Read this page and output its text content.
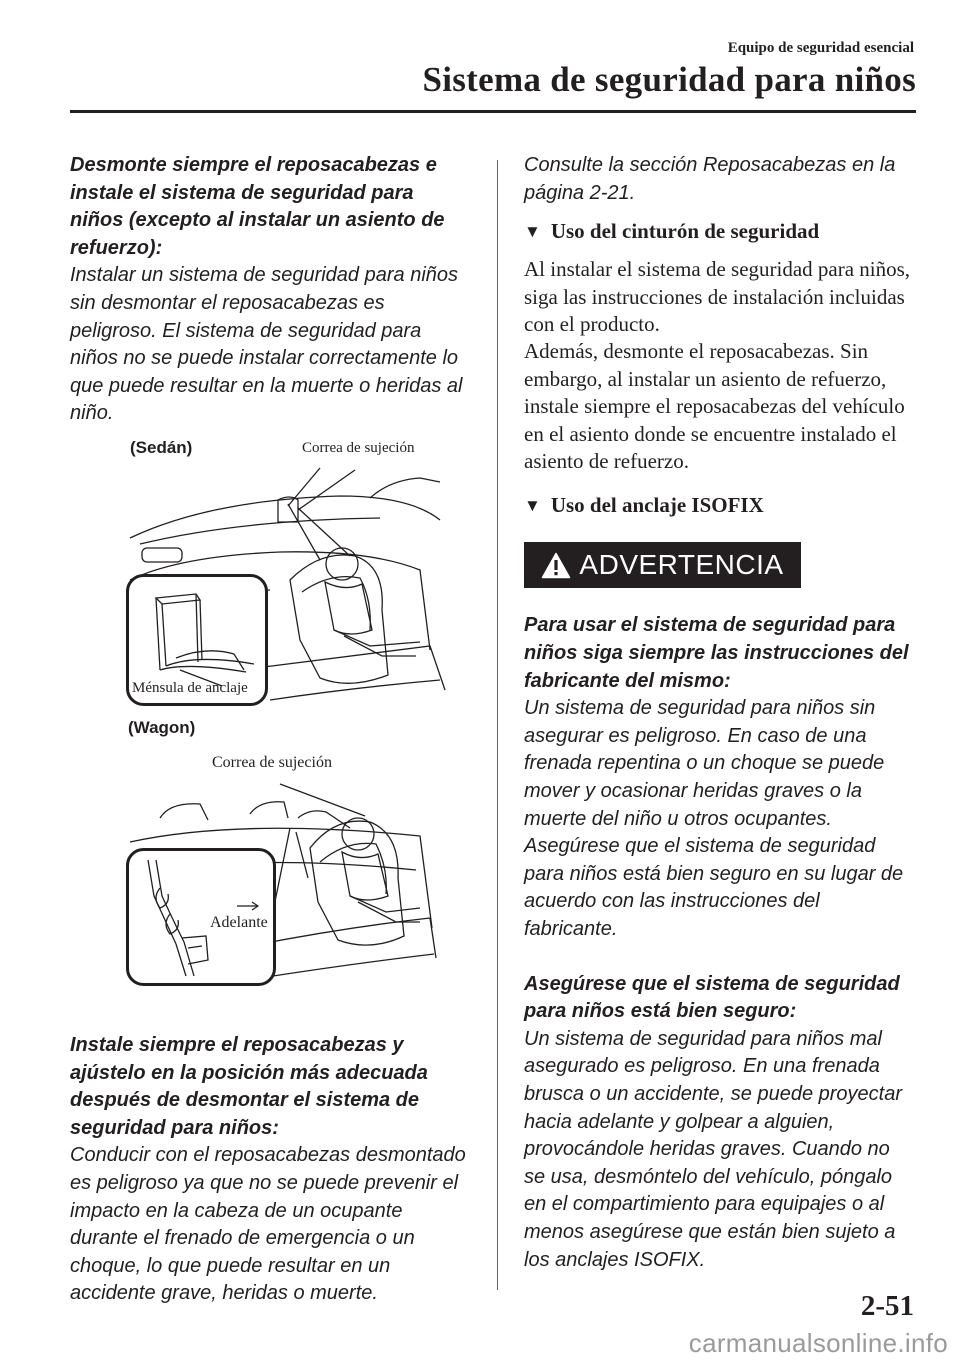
Equipo de seguridad esencial
Sistema de seguridad para niños
Desmonte siempre el reposacabezas e instale el sistema de seguridad para niños (excepto al instalar un asiento de refuerzo):
Instalar un sistema de seguridad para niños sin desmontar el reposacabezas es peligroso. El sistema de seguridad para niños no se puede instalar correctamente lo que puede resultar en la muerte o heridas al niño.
(Sedán)	Correa de sujeción
Ménsula de anclaje
(Wagon)
Correa de sujeción
Adelante
Instale siempre el reposacabezas y ajústelo en la posición más adecuada después de desmontar el sistema de seguridad para niños:
Conducir con el reposacabezas desmontado es peligroso ya que no se puede prevenir el impacto en la cabeza de un ocupante durante el frenado de emergencia o un choque, lo que puede resultar en un accidente grave, heridas o muerte.
Consulte la sección Reposacabezas en la página 2-21.
▼ Uso del cinturón de seguridad
Al instalar el sistema de seguridad para niños, siga las instrucciones de instalación incluidas con el producto.
Además, desmonte el reposacabezas. Sin embargo, al instalar un asiento de refuerzo, instale siempre el reposacabezas del vehículo en el asiento donde se encuentre instalado el asiento de refuerzo.
▼ Uso del anclaje ISOFIX
ADVERTENCIA
Para usar el sistema de seguridad para niños siga siempre las instrucciones del fabricante del mismo:
Un sistema de seguridad para niños sin asegurar es peligroso. En caso de una frenada repentina o un choque se puede mover y ocasionar heridas graves o la muerte del niño u otros ocupantes. Asegúrese que el sistema de seguridad para niños está bien seguro en su lugar de acuerdo con las instrucciones del fabricante.
Asegúrese que el sistema de seguridad para niños está bien seguro:
Un sistema de seguridad para niños mal asegurado es peligroso. En una frenada brusca o un accidente, se puede proyectar hacia adelante y golpear a alguien, provocándole heridas graves. Cuando no se usa, desmóntelo del vehículo, póngalo en el compartimiento para equipajes o al menos asegúrese que están bien sujeto a los anclajes ISOFIX.
2-51
carmanualsonline.info
